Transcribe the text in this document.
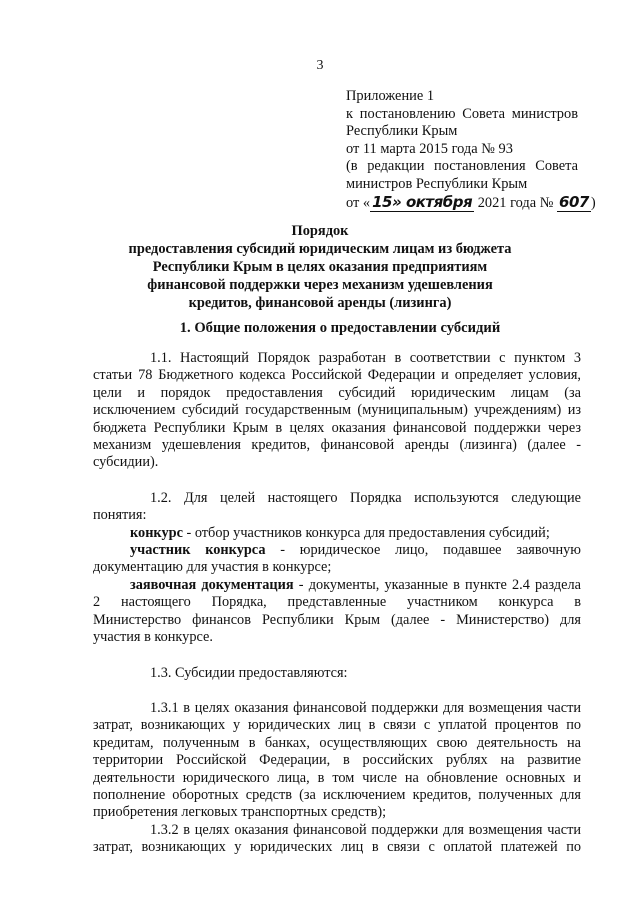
3
Приложение 1
к постановлению Совета министров
Республики Крым
от 11 марта 2015 года № 93
(в редакции постановления Совета
министров Республики Крым
от « 15» октября 2021 года № 607 )
Порядок
предоставления субсидий юридическим лицам из бюджета
Республики Крым в целях оказания предприятиям
финансовой поддержки через механизм удешевления
кредитов, финансовой аренды (лизинга)
1. Общие положения о предоставлении субсидий
1.1. Настоящий Порядок разработан в соответствии с пунктом 3
статьи 78 Бюджетного кодекса Российской Федерации и определяет условия,
цели и порядок предоставления субсидий юридическим лицам (за
исключением субсидий государственным (муниципальным) учреждениям) из
бюджета Республики Крым в целях оказания финансовой поддержки через
механизм удешевления кредитов, финансовой аренды (лизинга) (далее -
субсидии).
1.2. Для целей настоящего Порядка используются следующие
понятия:
конкурс - отбор участников конкурса для предоставления субсидий;
участник конкурса - юридическое лицо, подавшее заявочную
документацию для участия в конкурсе;
заявочная документация - документы, указанные в пункте 2.4 раздела
2 настоящего Порядка, представленные участником конкурса в
Министерство финансов Республики Крым (далее - Министерство) для
участия в конкурсе.
1.3. Субсидии предоставляются:
1.3.1 в целях оказания финансовой поддержки для возмещения части
затрат, возникающих у юридических лиц в связи с уплатой процентов по
кредитам, полученным в банках, осуществляющих свою деятельность на
территории Российской Федерации, в российских рублях на развитие
деятельности юридического лица, в том числе на обновление основных и
пополнение оборотных средств (за исключением кредитов, полученных для
приобретения легковых транспортных средств);
1.3.2 в целях оказания финансовой поддержки для возмещения части
затрат, возникающих у юридических лиц в связи с оплатой платежей по
